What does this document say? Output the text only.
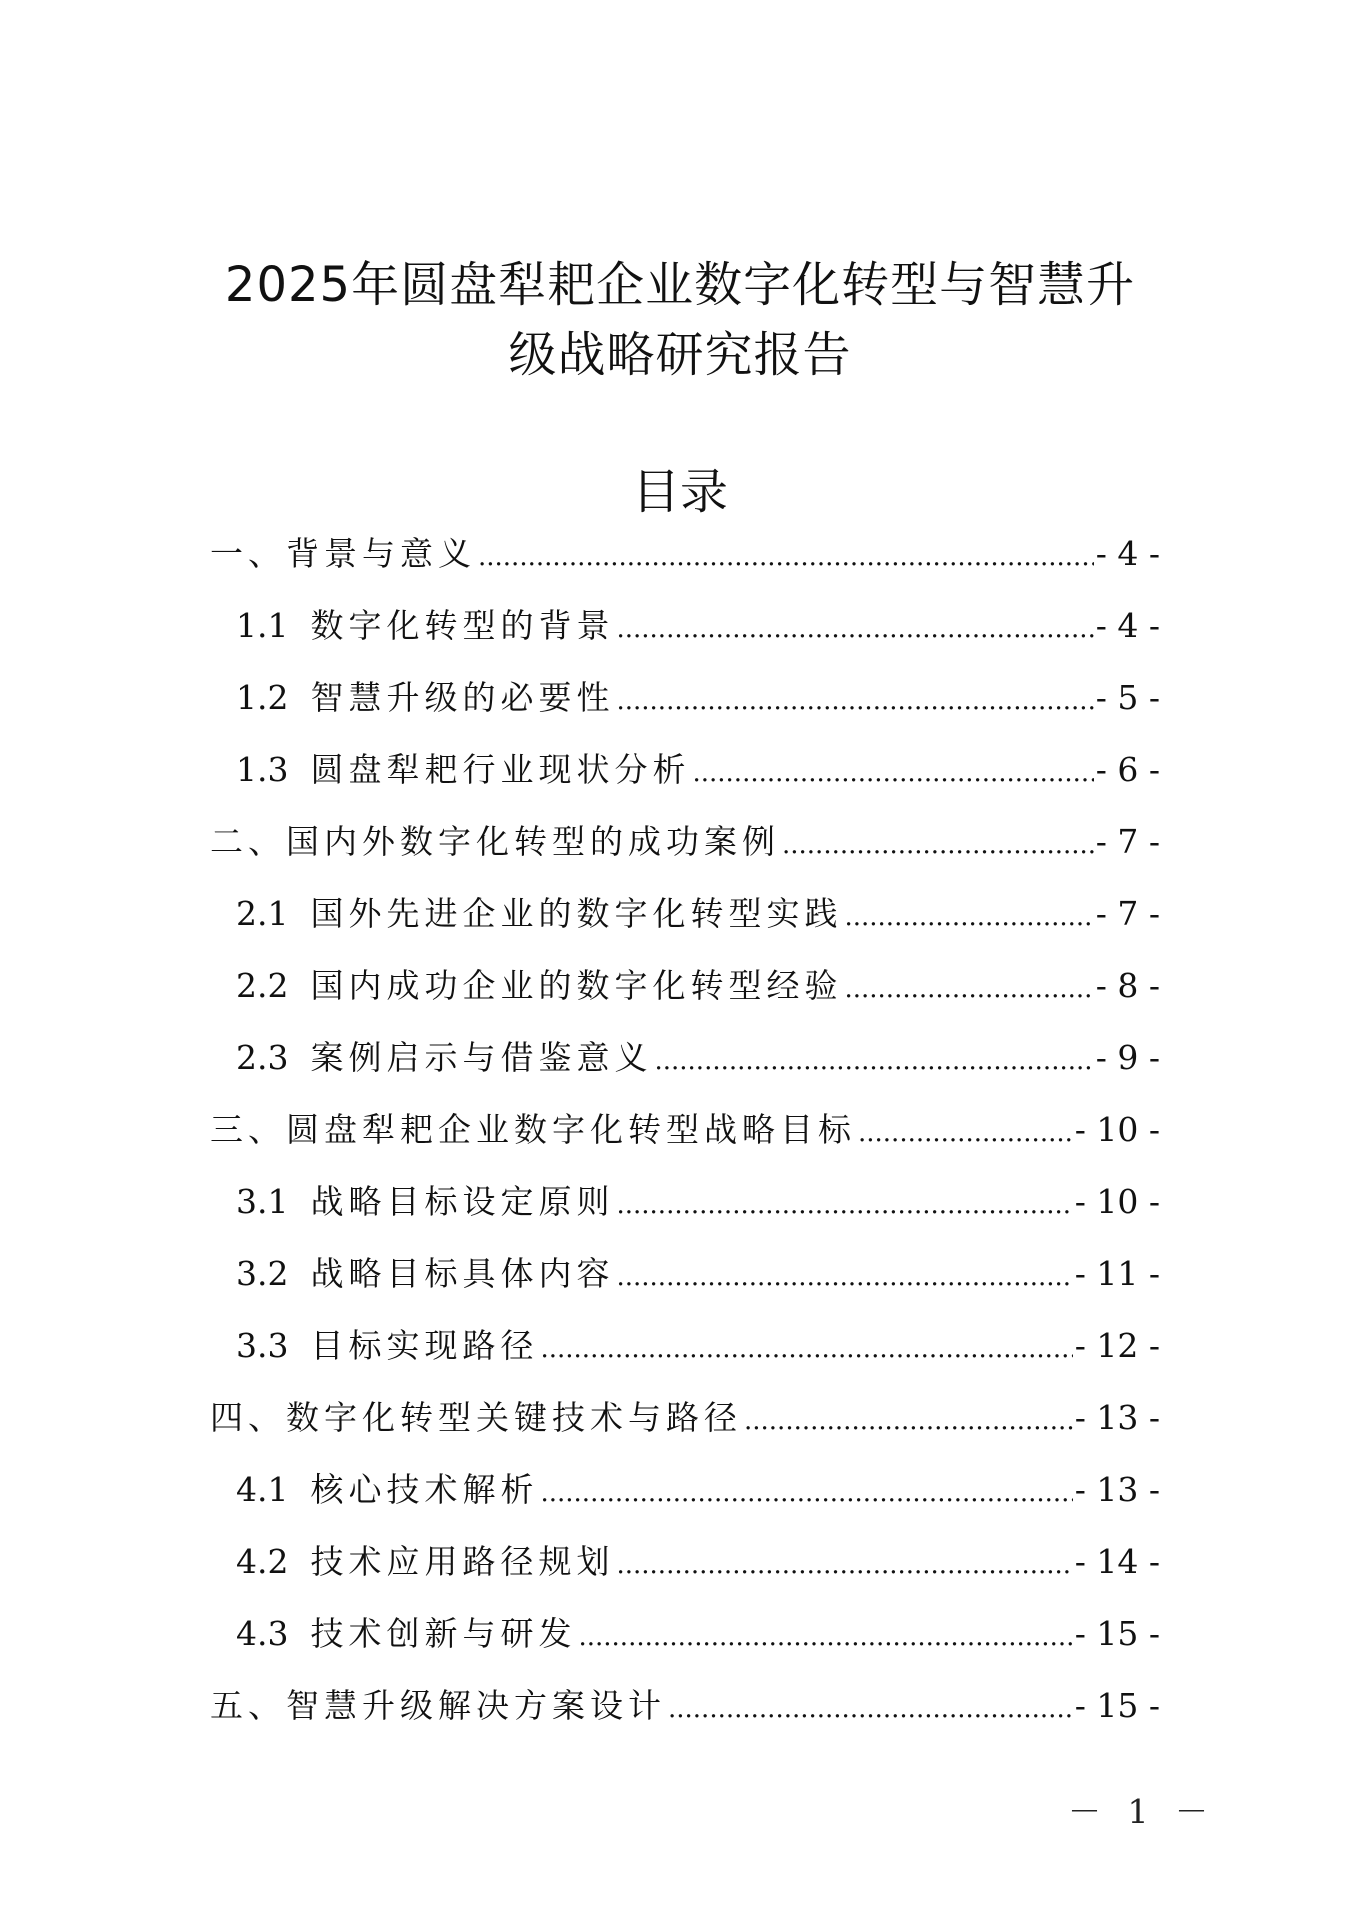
2025年圆盘犁耙企业数字化转型与智慧升
级战略研究报告
目录
一、背景与意义 .....	- 4 -
1.1 数字化转型的背景 .....	- 4 -
1.2 智慧升级的必要性 .....	- 5 -
1.3 圆盘犁耙行业现状分析 .....	- 6 -
二、国内外数字化转型的成功案例 .....	- 7 -
2.1 国外先进企业的数字化转型实践 .....	- 7 -
2.2 国内成功企业的数字化转型经验 .....	- 8 -
2.3 案例启示与借鉴意义 .....	- 9 -
三、圆盘犁耙企业数字化转型战略目标 .....	- 10 -
3.1 战略目标设定原则 .....	- 10 -
3.2 战略目标具体内容 .....	- 11 -
3.3 目标实现路径 .....	- 12 -
四、数字化转型关键技术与路径 .....	- 13 -
4.1 核心技术解析 .....	- 13 -
4.2 技术应用路径规划 .....	- 14 -
4.3 技术创新与研发 .....	- 15 -
五、智慧升级解决方案设计 .....	- 15 -
－ 1 －
